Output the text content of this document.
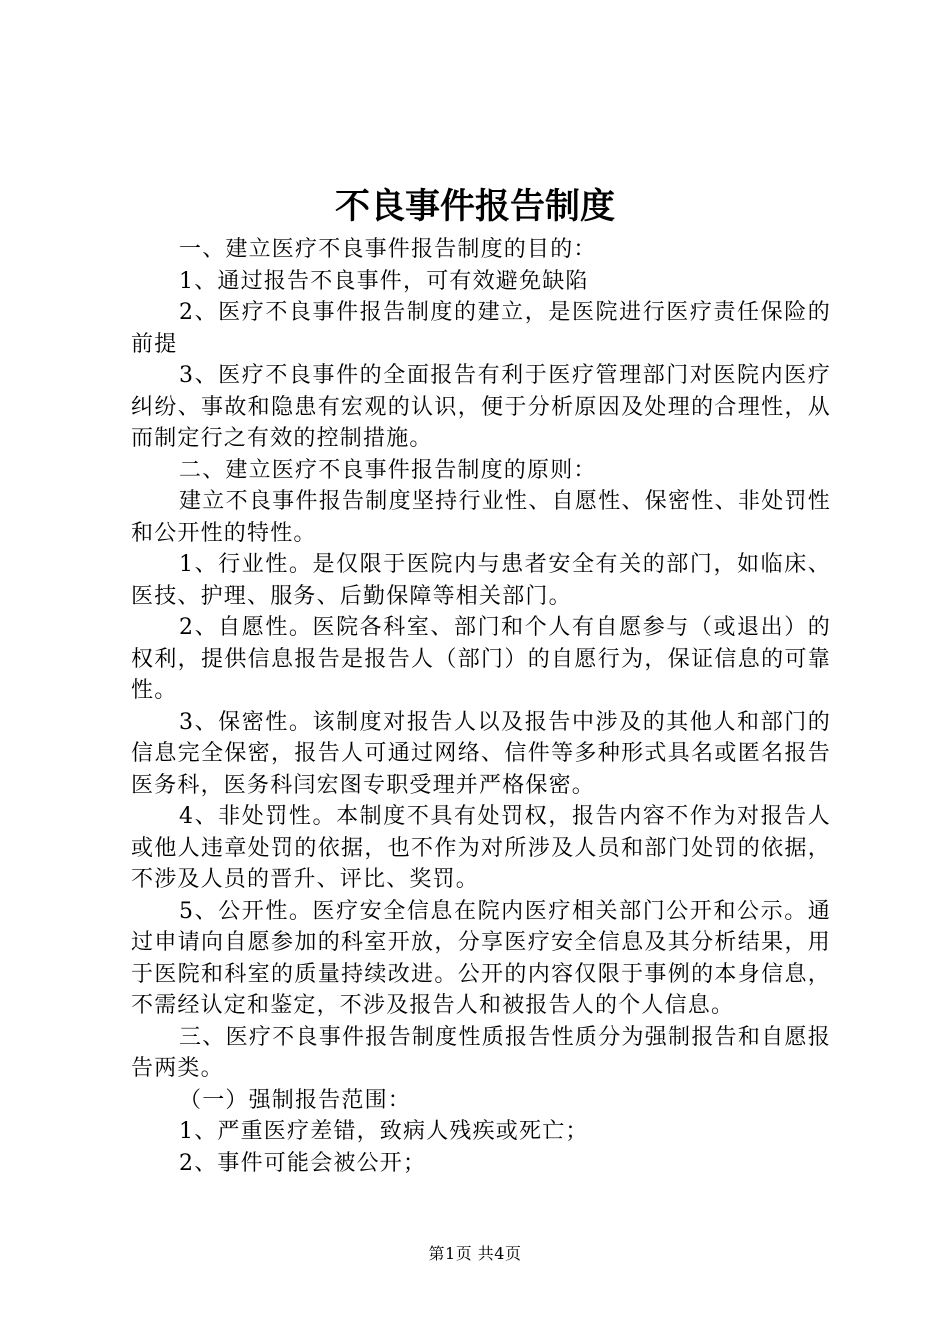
不良事件报告制度

一、建立医疗不良事件报告制度的目的：

1、通过报告不良事件，可有效避免缺陷

2、医疗不良事件报告制度的建立，是医院进行医疗责任保险的前提

3、医疗不良事件的全面报告有利于医疗管理部门对医院内医疗纠纷、事故和隐患有宏观的认识，便于分析原因及处理的合理性，从而制定行之有效的控制措施。

二、建立医疗不良事件报告制度的原则：

建立不良事件报告制度坚持行业性、自愿性、保密性、非处罚性和公开性的特性。

1、行业性。是仅限于医院内与患者安全有关的部门，如临床、医技、护理、服务、后勤保障等相关部门。

2、自愿性。医院各科室、部门和个人有自愿参与（或退出）的权利，提供信息报告是报告人（部门）的自愿行为，保证信息的可靠性。

3、保密性。该制度对报告人以及报告中涉及的其他人和部门的信息完全保密，报告人可通过网络、信件等多种形式具名或匿名报告医务科，医务科闫宏图专职受理并严格保密。

4、非处罚性。本制度不具有处罚权，报告内容不作为对报告人或他人违章处罚的依据，也不作为对所涉及人员和部门处罚的依据，不涉及人员的晋升、评比、奖罚。

5、公开性。医疗安全信息在院内医疗相关部门公开和公示。通过申请向自愿参加的科室开放，分享医疗安全信息及其分析结果，用于医院和科室的质量持续改进。公开的内容仅限于事例的本身信息，不需经认定和鉴定，不涉及报告人和被报告人的个人信息。

三、医疗不良事件报告制度性质报告性质分为强制报告和自愿报告两类。

（一）强制报告范围：

1、严重医疗差错，致病人残疾或死亡；

2、事件可能会被公开；

第1页 共4页
